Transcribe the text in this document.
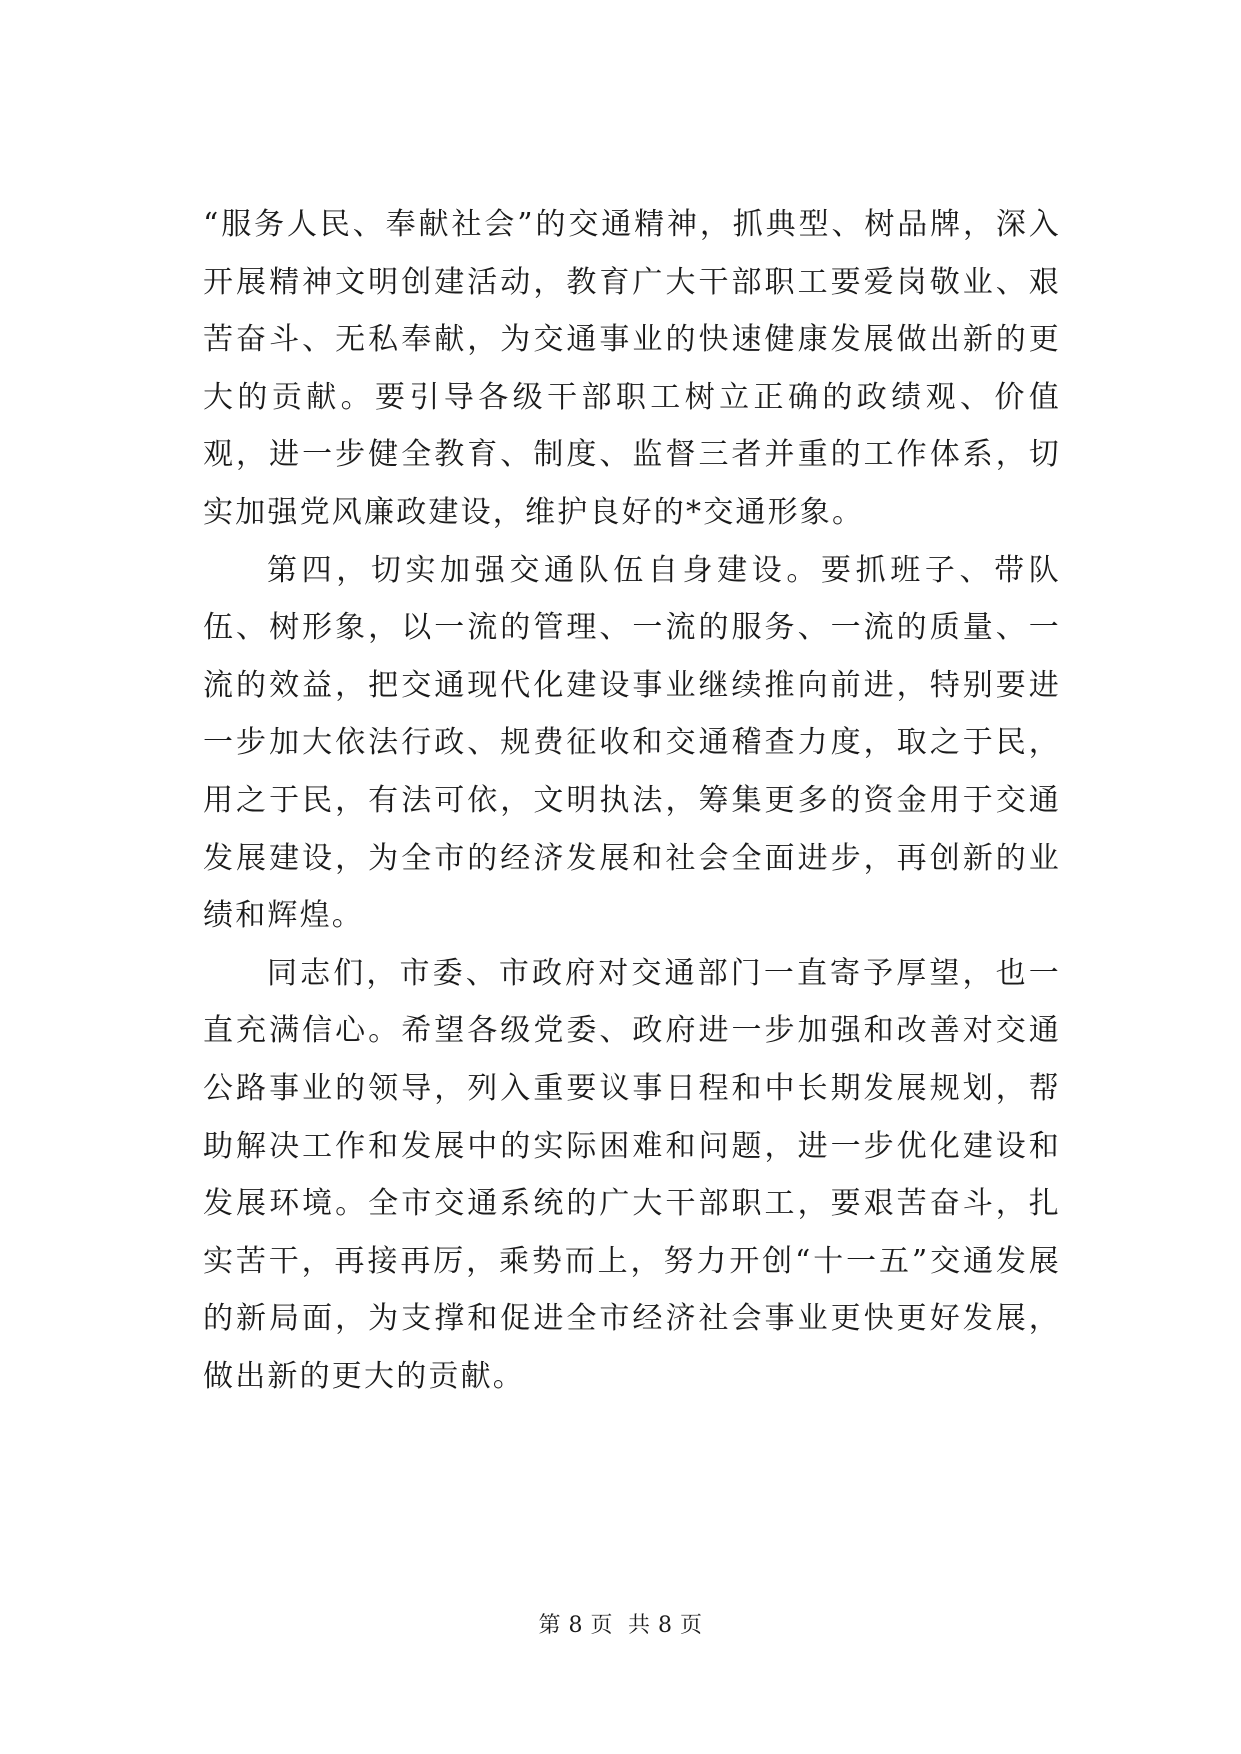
“服务人民、奉献社会”的交通精神，抓典型、树品牌，深入开展精神文明创建活动，教育广大干部职工要爱岗敬业、艰苦奋斗、无私奉献，为交通事业的快速健康发展做出新的更大的贡献。要引导各级干部职工树立正确的政绩观、价值观，进一步健全教育、制度、监督三者并重的工作体系，切实加强党风廉政建设，维护良好的*交通形象。

第四，切实加强交通队伍自身建设。要抓班子、带队伍、树形象，以一流的管理、一流的服务、一流的质量、一流的效益，把交通现代化建设事业继续推向前进，特别要进一步加大依法行政、规费征收和交通稽查力度，取之于民，用之于民，有法可依，文明执法，筹集更多的资金用于交通发展建设，为全市的经济发展和社会全面进步，再创新的业绩和辉煌。

同志们，市委、市政府对交通部门一直寄予厚望，也一直充满信心。希望各级党委、政府进一步加强和改善对交通公路事业的领导，列入重要议事日程和中长期发展规划，帮助解决工作和发展中的实际困难和问题，进一步优化建设和发展环境。全市交通系统的广大干部职工，要艰苦奋斗，扎实苦干，再接再厉，乘势而上，努力开创“十一五”交通发展的新局面，为支撑和促进全市经济社会事业更快更好发展，做出新的更大的贡献。

第 8 页  共 8 页
